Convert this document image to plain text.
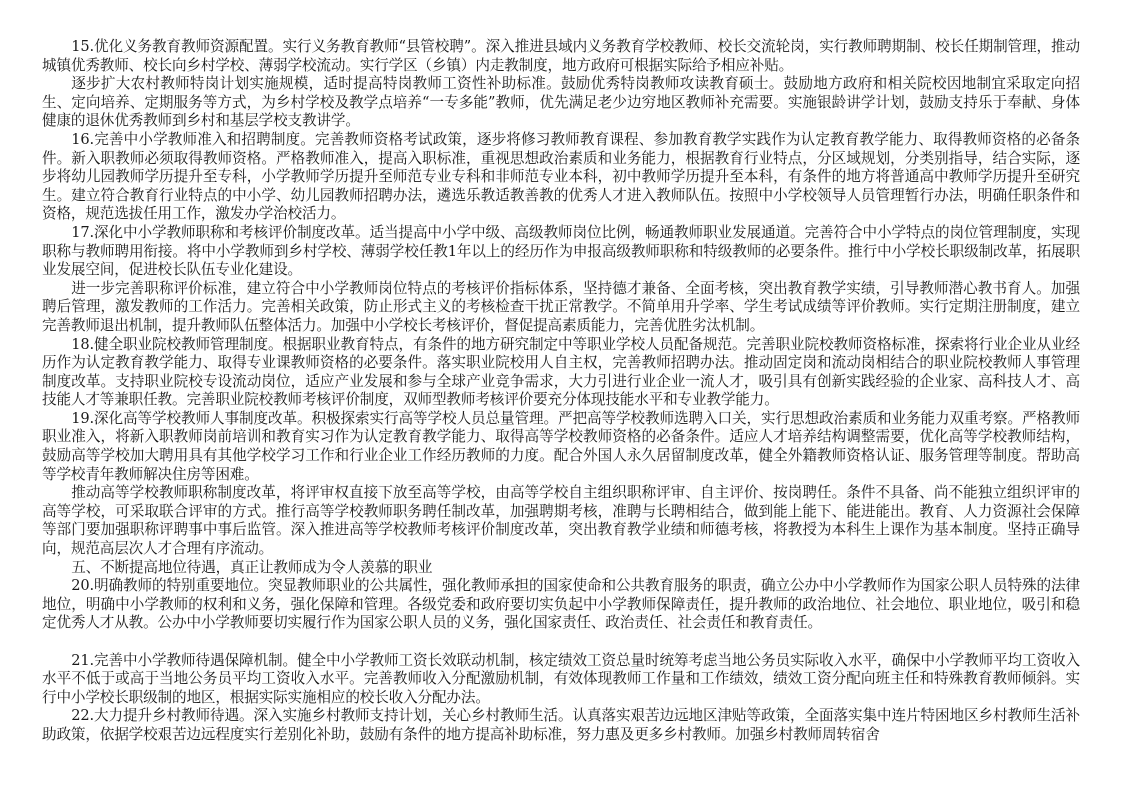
15.优化义务教育教师资源配置。实行义务教育教师“县管校聘”。深入推进县域内义务教育学校教师、校长交流轮岗，实行教师聘期制、校长任期制管理，推动城镇优秀教师、校长向乡村学校、薄弱学校流动。实行学区（乡镇）内走教制度，地方政府可根据实际给予相应补贴。

逐步扩大农村教师特岗计划实施规模，适时提高特岗教师工资性补助标准。鼓励优秀特岗教师攻读教育硕士。鼓励地方政府和相关院校因地制宜采取定向招生、定向培养、定期服务等方式，为乡村学校及教学点培养“一专多能”教师，优先满足老少边穷地区教师补充需要。实施银龄讲学计划，鼓励支持乐于奉献、身体健康的退休优秀教师到乡村和基层学校支教讲学。

16.完善中小学教师准入和招聘制度。完善教师资格考试政策，逐步将修习教师教育课程、参加教育教学实践作为认定教育教学能力、取得教师资格的必备条件。新入职教师必须取得教师资格。严格教师准入，提高入职标准，重视思想政治素质和业务能力，根据教育行业特点，分区域规划，分类别指导，结合实际，逐步将幼儿园教师学历提升至专科，小学教师学历提升至师范专业专科和非师范专业本科，初中教师学历提升至本科，有条件的地方将普通高中教师学历提升至研究生。建立符合教育行业特点的中小学、幼儿园教师招聘办法，遴选乐教适教善教的优秀人才进入教师队伍。按照中小学校领导人员管理暂行办法，明确任职条件和资格，规范选拔任用工作，激发办学治校活力。

17.深化中小学教师职称和考核评价制度改革。适当提高中小学中级、高级教师岗位比例，畅通教师职业发展通道。完善符合中小学特点的岗位管理制度，实现职称与教师聘用衔接。将中小学教师到乡村学校、薄弱学校任教1年以上的经历作为申报高级教师职称和特级教师的必要条件。推行中小学校长职级制改革，拓展职业发展空间，促进校长队伍专业化建设。

进一步完善职称评价标准，建立符合中小学教师岗位特点的考核评价指标体系，坚持德才兼备、全面考核，突出教育教学实绩，引导教师潜心教书育人。加强聘后管理，激发教师的工作活力。完善相关政策，防止形式主义的考核检查干扰正常教学。不简单用升学率、学生考试成绩等评价教师。实行定期注册制度，建立完善教师退出机制，提升教师队伍整体活力。加强中小学校长考核评价，督促提高素质能力，完善优胜劣汰机制。

18.健全职业院校教师管理制度。根据职业教育特点，有条件的地方研究制定中等职业学校人员配备规范。完善职业院校教师资格标准，探索将行业企业从业经历作为认定教育教学能力、取得专业课教师资格的必要条件。落实职业院校用人自主权，完善教师招聘办法。推动固定岗和流动岗相结合的职业院校教师人事管理制度改革。支持职业院校专设流动岗位，适应产业发展和参与全球产业竞争需求，大力引进行业企业一流人才，吸引具有创新实践经验的企业家、高科技人才、高技能人才等兼职任教。完善职业院校教师考核评价制度，双师型教师考核评价要充分体现技能水平和专业教学能力。

19.深化高等学校教师人事制度改革。积极探索实行高等学校人员总量管理。严把高等学校教师选聘入口关，实行思想政治素质和业务能力双重考察。严格教师职业准入，将新入职教师岗前培训和教育实习作为认定教育教学能力、取得高等学校教师资格的必备条件。适应人才培养结构调整需要，优化高等学校教师结构，鼓励高等学校加大聘用具有其他学校学习工作和行业企业工作经历教师的力度。配合外国人永久居留制度改革，健全外籍教师资格认证、服务管理等制度。帮助高等学校青年教师解决住房等困难。

推动高等学校教师职称制度改革，将评审权直接下放至高等学校，由高等学校自主组织职称评审、自主评价、按岗聘任。条件不具备、尚不能独立组织评审的高等学校，可采取联合评审的方式。推行高等学校教师职务聘任制改革，加强聘期考核，准聘与长聘相结合，做到能上能下、能进能出。教育、人力资源社会保障等部门要加强职称评聘事中事后监管。深入推进高等学校教师考核评价制度改革，突出教育教学业绩和师德考核，将教授为本科生上课作为基本制度。坚持正确导向，规范高层次人才合理有序流动。

五、不断提高地位待遇，真正让教师成为令人羡慕的职业

20.明确教师的特别重要地位。突显教师职业的公共属性，强化教师承担的国家使命和公共教育服务的职责，确立公办中小学教师作为国家公职人员特殊的法律地位，明确中小学教师的权利和义务，强化保障和管理。各级党委和政府要切实负起中小学教师保障责任，提升教师的政治地位、社会地位、职业地位，吸引和稳定优秀人才从教。公办中小学教师要切实履行作为国家公职人员的义务，强化国家责任、政治责任、社会责任和教育责任。

21.完善中小学教师待遇保障机制。健全中小学教师工资长效联动机制，核定绩效工资总量时统筹考虑当地公务员实际收入水平，确保中小学教师平均工资收入水平不低于或高于当地公务员平均工资收入水平。完善教师收入分配激励机制，有效体现教师工作量和工作绩效，绩效工资分配向班主任和特殊教育教师倾斜。实行中小学校长职级制的地区，根据实际实施相应的校长收入分配办法。

22.大力提升乡村教师待遇。深入实施乡村教师支持计划，关心乡村教师生活。认真落实艰苦边远地区津贴等政策，全面落实集中连片特困地区乡村教师生活补助政策，依据学校艰苦边远程度实行差别化补助，鼓励有条件的地方提高补助标准，努力惠及更多乡村教师。加强乡村教师周转宿舍
